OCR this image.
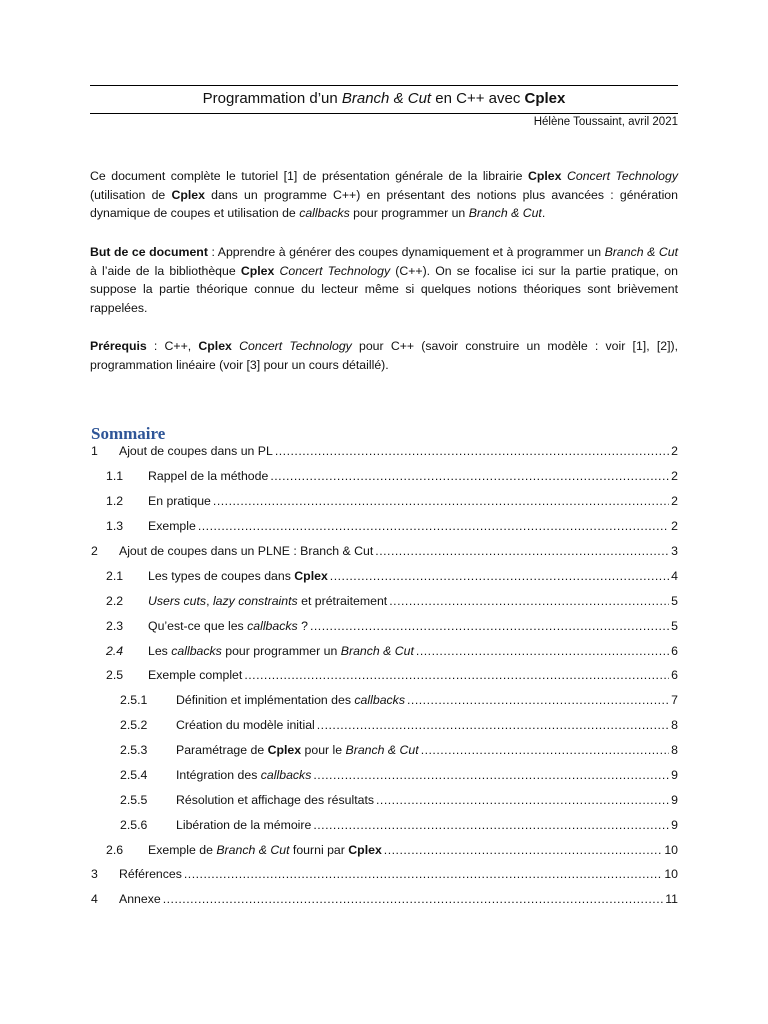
Programmation d’un Branch & Cut en C++ avec Cplex
Hélène Toussaint, avril 2021

Ce document complète le tutoriel [1] de présentation générale de la librairie Cplex Concert Technology (utilisation de Cplex dans un programme C++) en présentant des notions plus avancées : génération dynamique de coupes et utilisation de callbacks pour programmer un Branch & Cut.

But de ce document : Apprendre à générer des coupes dynamiquement et à programmer un Branch & Cut à l’aide de la bibliothèque Cplex Concert Technology (C++). On se focalise ici sur la partie pratique, on suppose la partie théorique connue du lecteur même si quelques notions théoriques sont brièvement rappelées.

Prérequis : C++, Cplex Concert Technology pour C++ (savoir construire un modèle : voir [1], [2]), programmation linéaire (voir [3] pour un cours détaillé).

Sommaire
1	Ajout de coupes dans un PL .....	2
1.1	Rappel de la méthode .....	2
1.2	En pratique .....	2
1.3	Exemple .....	2
2	Ajout de coupes dans un PLNE : Branch & Cut .....	3
2.1	Les types de coupes dans Cplex .....	4
2.2	Users cuts, lazy constraints et prétraitement .....	5
2.3	Qu’est-ce que les callbacks ? .....	5
2.4	Les callbacks pour programmer un Branch & Cut .....	6
2.5	Exemple complet .....	6
2.5.1	Définition et implémentation des callbacks .....	7
2.5.2	Création du modèle initial .....	8
2.5.3	Paramétrage de Cplex pour le Branch & Cut .....	8
2.5.4	Intégration des callbacks .....	9
2.5.5	Résolution et affichage des résultats .....	9
2.5.6	Libération de la mémoire .....	9
2.6	Exemple de Branch & Cut fourni par Cplex .....	10
3	Références .....	10
4	Annexe .....	11
